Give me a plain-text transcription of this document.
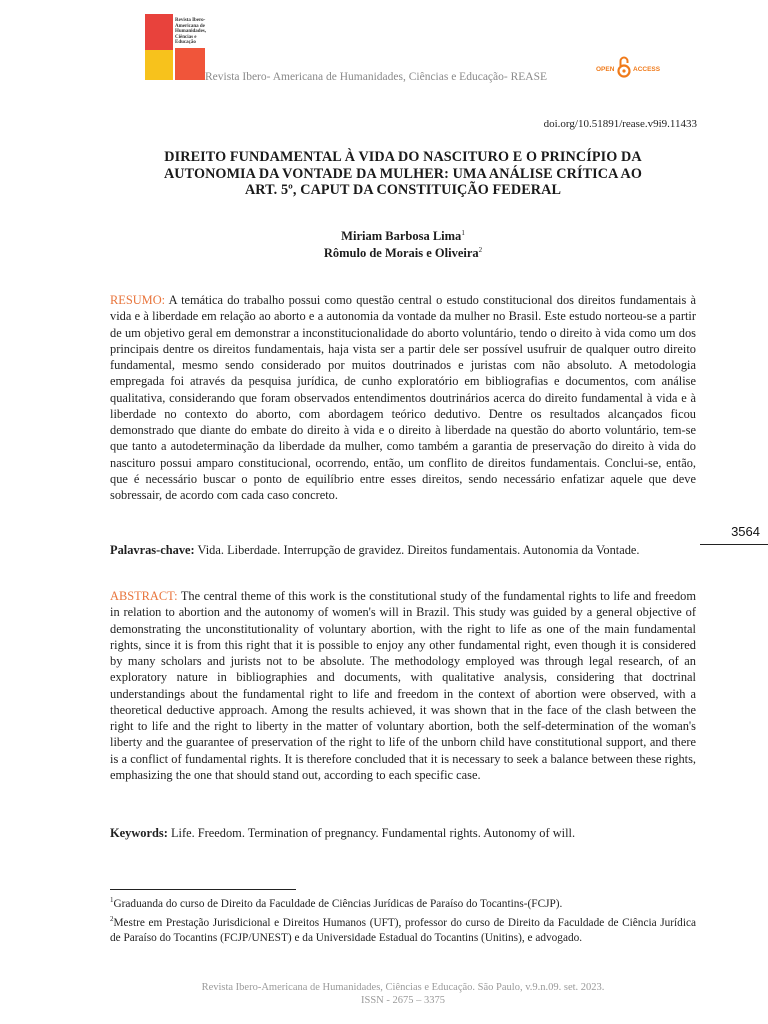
Revista Ibero-
Americana de
Humanidades,
Ciências e
Educação
Revista Ibero- Americana de Humanidades, Ciências e Educação- REASE
OPEN	ACCESS
doi.org/10.51891/rease.v9i9.11433
DIREITO FUNDAMENTAL À VIDA DO NASCITURO E O PRINCÍPIO DA
AUTONOMIA DA VONTADE DA MULHER: UMA ANÁLISE CRÍTICA AO
ART. 5º, CAPUT DA CONSTITUIÇÃO FEDERAL
Miriam Barbosa Lima$^1$
Rômulo de Morais e Oliveira$^2$
RESUMO: A temática do trabalho possui como questão central o estudo constitucional dos direitos fundamentais à vida e à liberdade em relação ao aborto e a autonomia da vontade da mulher no Brasil. Este estudo norteou-se a partir de um objetivo geral em demonstrar a inconstitucionalidade do aborto voluntário, tendo o direito à vida como um dos principais dentre os direitos fundamentais, haja vista ser a partir dele ser possível usufruir de qualquer outro direito fundamental, mesmo sendo considerado por muitos doutrinados e juristas com não absoluto. A metodologia empregada foi através da pesquisa jurídica, de cunho exploratório em bibliografias e documentos, com análise qualitativa, considerando que foram observados entendimentos doutrinários acerca do direito fundamental à vida e à liberdade no contexto do aborto, com abordagem teórico dedutivo. Dentre os resultados alcançados ficou demonstrado que diante do embate do direito à vida e o direito à liberdade na questão do aborto voluntário, tem-se que tanto a autodeterminação da liberdade da mulher, como também a garantia de preservação do direito à vida do nascituro possui amparo constitucional, ocorrendo, então, um conflito de direitos fundamentais. Conclui-se, então, que é necessário buscar o ponto de equilíbrio entre esses direitos, sendo necessário enfatizar aquele que deve sobressair, de acordo com cada caso concreto.
Palavras-chave: Vida. Liberdade. Interrupção de gravidez. Direitos fundamentais. Autonomia da Vontade.
ABSTRACT: The central theme of this work is the constitutional study of the fundamental rights to life and freedom in relation to abortion and the autonomy of women's will in Brazil. This study was guided by a general objective of demonstrating the unconstitutionality of voluntary abortion, with the right to life as one of the main fundamental rights, since it is from this right that it is possible to enjoy any other fundamental right, even though it is considered by many scholars and jurists not to be absolute. The methodology employed was through legal research, of an exploratory nature in bibliographies and documents, with qualitative analysis, considering that doctrinal understandings about the fundamental right to life and freedom in the context of abortion were observed, with a theoretical deductive approach. Among the results achieved, it was shown that in the face of the clash between the right to life and the right to liberty in the matter of voluntary abortion, both the self-determination of the woman's liberty and the guarantee of preservation of the right to life of the unborn child have constitutional support, and there is a conflict of fundamental rights. It is therefore concluded that it is necessary to seek a balance between these rights, emphasizing the one that should stand out, according to each specific case.
Keywords: Life. Freedom. Termination of pregnancy. Fundamental rights. Autonomy of will.
3564
$^1$Graduanda do curso de Direito da Faculdade de Ciências Jurídicas de Paraíso do Tocantins-(FCJP).
$^2$Mestre em Prestação Jurisdicional e Direitos Humanos (UFT), professor do curso de Direito da Faculdade de Ciência Jurídica de Paraíso do Tocantins (FCJP/UNEST) e da Universidade Estadual do Tocantins (Unitins), e advogado.
Revista Ibero-Americana de Humanidades, Ciências e Educação. São Paulo, v.9.n.09. set. 2023.
ISSN - 2675 – 3375
